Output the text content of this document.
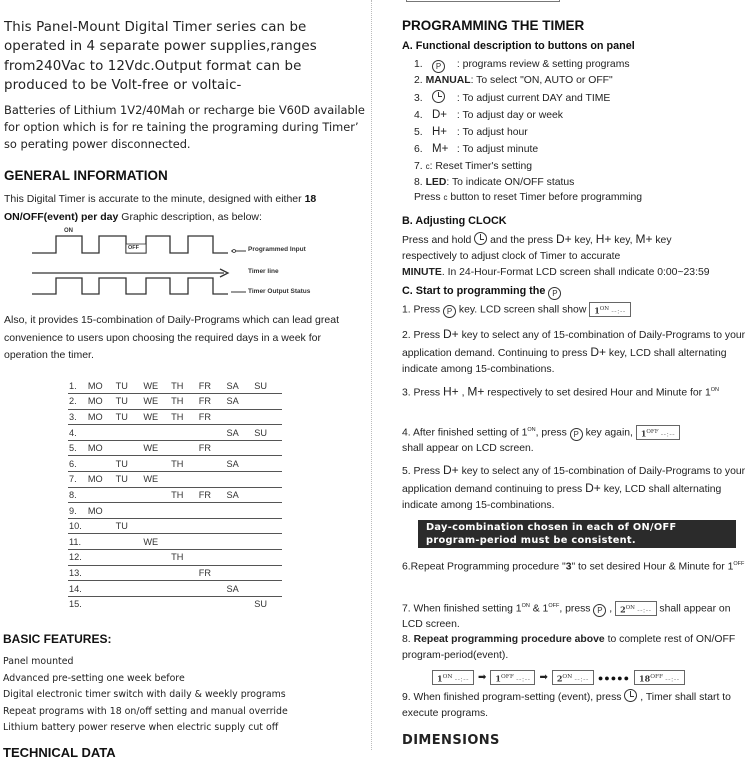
This Panel-Mount Digital Timer series can be operated in 4 separate power supplies,ranges from240Vac to 12Vdc.Output format can be produced to be Volt-free or voltaic-

Batteries of Lithium 1V2/40Mah or recharge bie V60D available for option which is for re taining the programing during Timer’ so perating power disconnected.

GENERAL INFORMATION

This Digital Timer is accurate to the minute, designed with either 18 ON/OFF(event) per day Graphic description, as below:

ON
OFF	Programmed Input
Timer line
Timer Output Status

Also, it provides 15-combination of Daily-Programs which can lead great convenience to users upon choosing the required days in a week for operation the timer.

1.	MO	TU	WE	TH	FR	SA	SU
2.	MO	TU	WE	TH	FR	SA	
3.	MO	TU	WE	TH	FR		
4.						SA	SU
5.	MO		WE		FR		
6.		TU		TH		SA	
7.	MO	TU	WE				
8.				TH	FR	SA	
9.	MO						
10.		TU					
11.			WE				
12.				TH			
13.					FR		
14.						SA	
15.							SU
BASIC FEATURES:
Panel mounted
Advanced pre-setting one week before
Digital electronic timer switch with daily & weekly programs
Repeat programs with 18 on/off setting and manual override
Lithium battery power reserve when electric supply cut off
TECHNICAL DATA
PROGRAMMING THE TIMER
A. Functional description to buttons on panel
1. P : programs review & setting programs
2. MANUAL: To select "ON, AUTO or OFF"
3.	: To adjust current DAY and TIME
4. D+ : To adjust day or week
5. H+ : To adjust hour
6. M+ : To adjust minute
7. c: Reset Timer's setting
8. LED: To indicate ON/OFF status
Press c button to reset Timer before programming
B. Adjusting CLOCK
Press and hold  and the press D+ key, H+ key, M+ key
respectively to adjust clock of Timer to accurate
MINUTE. In 24-Hour-Format LCD screen shall ındicate 0:00~23:59
C. Start to programming the P
1. Press P key. LCD screen shall show $1^{ON}$ --:--
2. Press D+ key to select any of 15-combination of Daily-Programs to your application demand. Continuing to press D+ key, LCD shall alternating indicate among 15-combinations.
3. Press H+ , M+ respectively to set desired Hour and Minute for $1^{ON}$
4. After finished setting of $1^{ON}$, press P key again, $1^{OFF}$ --:--
shall appear on LCD screen.
5. Press D+ key to select any of 15-combination of Daily-Programs to your application demand continuing to press D+ key, LCD shall alternating indicate among 15-combinations.
Day-combination chosen in each of ON/OFF program-period must be consistent.
6.Repeat Programming procedure "3" to set desired Hour & Minute for $1^{OFF}$
7. When finished setting $1^{ON}$ & $1^{OFF}$, press P , $2^{ON}$ --:-- shall appear on LCD screen.
8. Repeat programming procedure above to complete rest of ON/OFF program-period(event).
$1^{ON}$ --:-- ➡	$1^{OFF}$ --:-- ➡	$2^{ON}$ --:--	●●●●●	$18^{OFF}$ --:--
9. When finished program-setting (event), press  , Timer shall start to execute programs.
DIMENSIONS
